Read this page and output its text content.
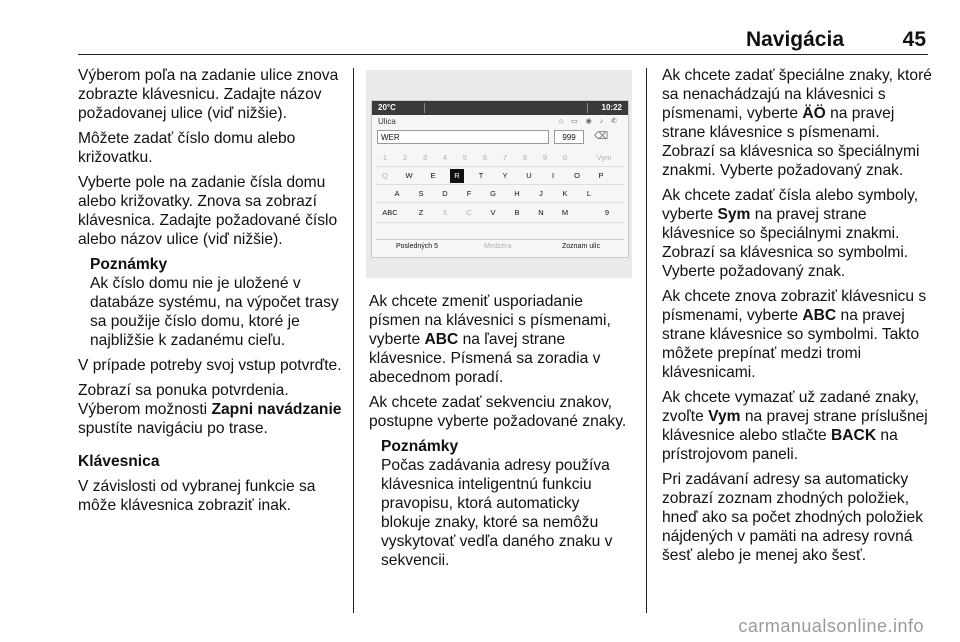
Navigácia	45

Výberom poľa na zadanie ulice znova zobrazte klávesnicu. Zadajte názov požadovanej ulice (viď nižšie).

Môžete zadať číslo domu alebo križovatku.

Vyberte pole na zadanie čísla domu alebo križovatky. Znova sa zobrazí klávesnica. Zadajte požadované číslo alebo názov ulice (viď nižšie).

Poznámky
Ak číslo domu nie je uložené v databáze systému, na výpočet trasy sa použije číslo domu, ktoré je najbližšie k zadanému cieľu.

V prípade potreby svoj vstup potvrďte.

Zobrazí sa ponuka potvrdenia. Výberom možnosti Zapni navádzanie spustíte navigáciu po trase.

Klávesnica

V závislosti od vybranej funkcie sa môže klávesnica zobraziť inak.

20°C	10:22
Ulica	⌂ ▭ ◉ ♪ ✆
WER	999	⌫
1	2	3	4	5	6	7	8	9	0	Vym
Q	W	E	R	T	Y	U	I	O	P
A	S	D	F	G	H	J	K	L
ABC	Z	X	C	V	B	N	M	9
Posledných 5	Medzera	Zoznam ulíc

Ak chcete zmeniť usporiadanie písmen na klávesnici s písmenami, vyberte ABC na ľavej strane klávesnice. Písmená sa zoradia v abecednom poradí.

Ak chcete zadať sekvenciu znakov, postupne vyberte požadované znaky.

Poznámky
Počas zadávania adresy používa klávesnica inteligentnú funkciu pravopisu, ktorá automaticky blokuje znaky, ktoré sa nemôžu vyskytovať vedľa daného znaku v sekvencii.

Ak chcete zadať špeciálne znaky, ktoré sa nenachádzajú na klávesnici s písmenami, vyberte ÄÖ na pravej strane klávesnice s písmenami. Zobrazí sa klávesnica so špeciálnymi znakmi. Vyberte požadovaný znak.

Ak chcete zadať čísla alebo symboly, vyberte Sym na pravej strane klávesnice so špeciálnymi znakmi. Zobrazí sa klávesnica so symbolmi. Vyberte požadovaný znak.

Ak chcete znova zobraziť klávesnicu s písmenami, vyberte ABC na pravej strane klávesnice so symbolmi. Takto môžete prepínať medzi tromi klávesnicami.

Ak chcete vymazať už zadané znaky, zvoľte Vym na pravej strane príslušnej klávesnice alebo stlačte BACK na prístrojovom paneli.

Pri zadávaní adresy sa automaticky zobrazí zoznam zhodných položiek, hneď ako sa počet zhodných položiek nájdených v pamäti na adresy rovná šesť alebo je menej ako šesť.

carmanualsonline.info
